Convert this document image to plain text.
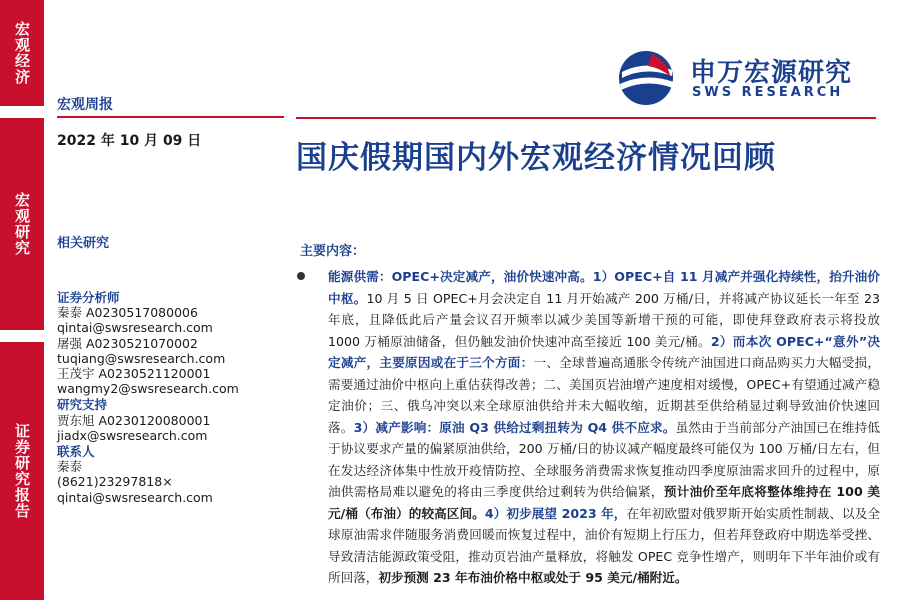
宏观经济
宏观研究
证券研究报告
宏观周报
2022 年 10 月 09 日
相关研究
证券分析师
秦泰 A0230517080006
qintai@swsresearch.com
屠强 A0230521070002
tuqiang@swsresearch.com
王茂宇 A0230521120001
wangmy2@swsresearch.com
研究支持
贾东旭 A0230120080001
jiadx@swsresearch.com
联系人
秦泰
(8621)23297818×
qintai@swsresearch.com
申万宏源研究
SWS RESEARCH
国庆假期国内外宏观经济情况回顾
主要内容：
能源供需：OPEC+决定减产，油价快速冲高。1）OPEC+自 11 月减产并强化持续性，抬升油价中枢。10 月 5 日 OPEC+月会决定自 11 月开始减产 200 万桶/日，并将减产协议延长一年至 23 年底，且降低此后产量会议召开频率以减少美国等新增干预的可能，即使拜登政府表示将投放 1000 万桶原油储备，但仍触发油价快速冲高至接近 100 美元/桶。2）而本次 OPEC+“意外”决定减产，主要原因或在于三个方面：一、全球普遍高通胀令传统产油国进口商品购买力大幅受损，需要通过油价中枢向上重估获得改善；二、美国页岩油增产速度相对缓慢，OPEC+有望通过减产稳定油价；三、俄乌冲突以来全球原油供给并未大幅收缩，近期甚至供给稍显过剩导致油价快速回落。3）减产影响：原油 Q3 供给过剩扭转为 Q4 供不应求。虽然由于当前部分产油国已在维持低于协议要求产量的偏紧原油供给，200 万桶/日的协议减产幅度最终可能仅为 100 万桶/日左右，但在发达经济体集中性放开疫情防控、全球服务消费需求恢复推动四季度原油需求回升的过程中，原油供需格局难以避免的将由三季度供给过剩转为供给偏紧，预计油价至年底将整体维持在 100 美元/桶（布油）的较高区间。4）初步展望 2023 年，在年初欧盟对俄罗斯开始实质性制裁、以及全球原油需求伴随服务消费回暖而恢复过程中，油价有短期上行压力，但若拜登政府中期选举受挫、导致清洁能源政策受阻，推动页岩油产量释放，将触发 OPEC 竞争性增产，则明年下半年油价或有所回落，初步预测 23 年布油价格中枢或处于 95 美元/桶附近。
